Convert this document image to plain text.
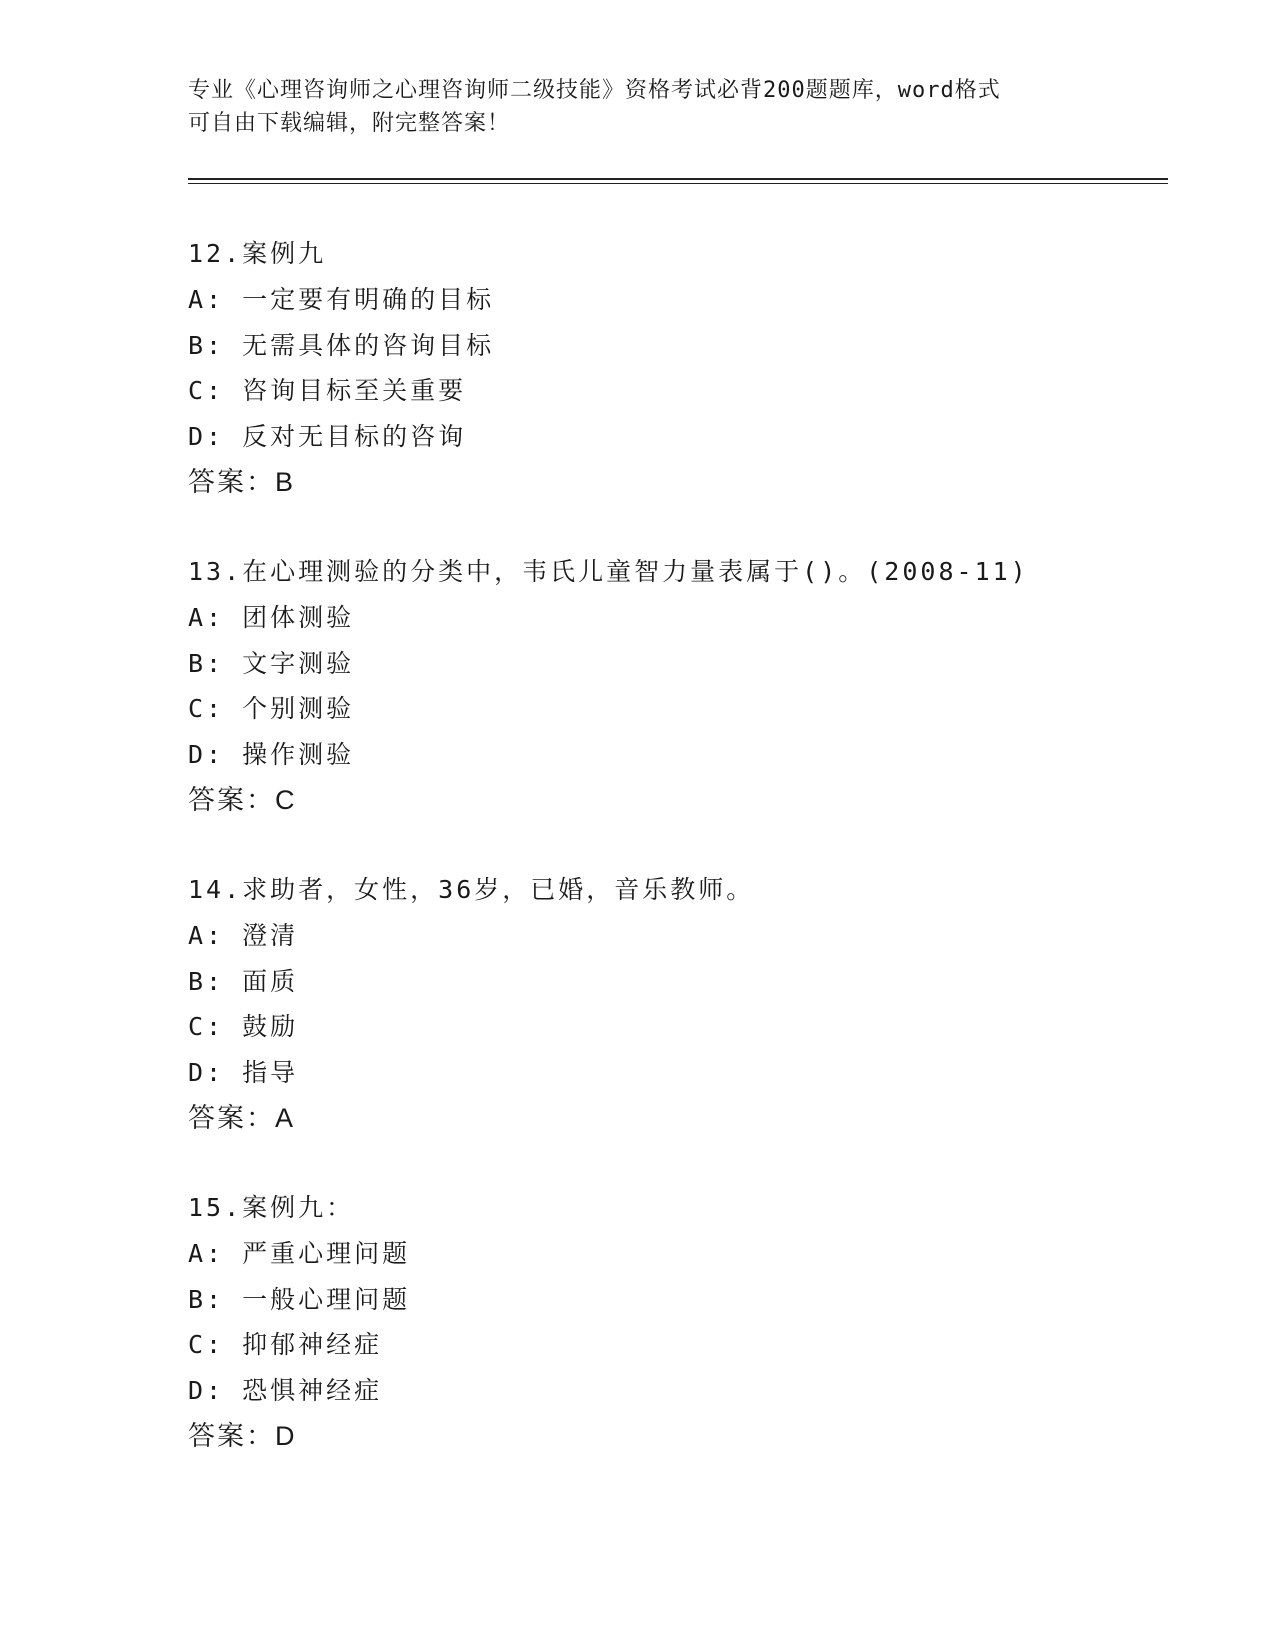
专业《心理咨询师之心理咨询师二级技能》资格考试必背200题题库，word格式
可自由下载编辑，附完整答案！
12.案例九
A: 一定要有明确的目标
B: 无需具体的咨询目标
C: 咨询目标至关重要
D: 反对无目标的咨询
答案：B
13.在心理测验的分类中，韦氏儿童智力量表属于()。(2008-11)
A: 团体测验
B: 文字测验
C: 个别测验
D: 操作测验
答案：C
14.求助者，女性，36岁，已婚，音乐教师。
A: 澄清
B: 面质
C: 鼓励
D: 指导
答案：A
15.案例九：
A: 严重心理问题
B: 一般心理问题
C: 抑郁神经症
D: 恐惧神经症
答案：D
